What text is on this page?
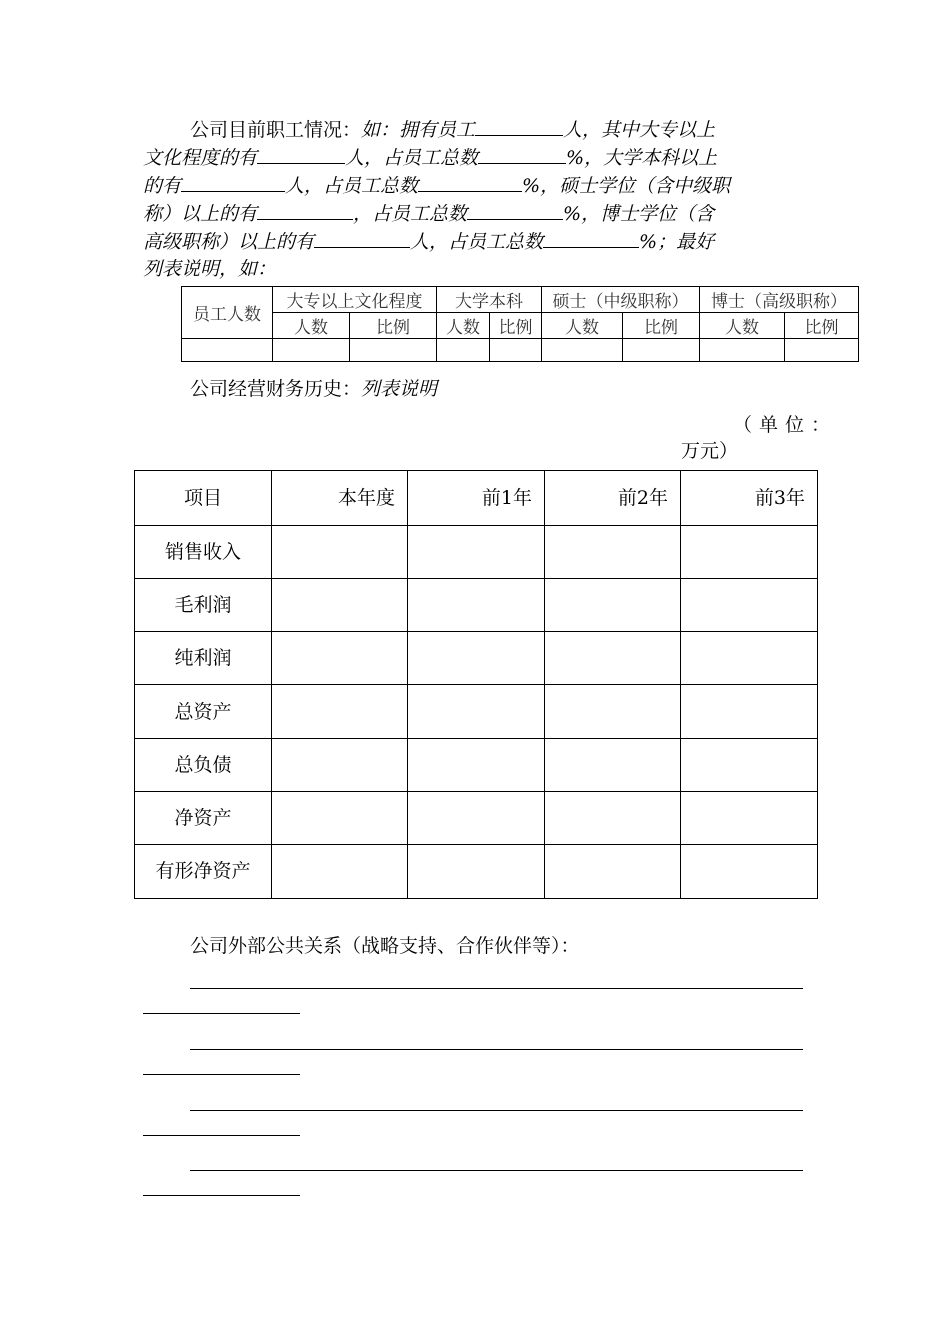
公司目前职工情况：如：拥有员工	人，其中大专以上
文化程度的有	人，占员工总数	%，大学本科以上
的有	人，占员工总数	%，硕士学位（含中级职
称）以上的有	，占员工总数	%，博士学位（含
高级职称）以上的有	人，占员工总数	%；最好
列表说明，如：
员工人数	大专以上文化程度		大学本科		硕士（中级职称）		博士（高级职称）	
	人数	比例	人数	比例	人数	比例	人数	比例

公司经营财务历史：列表说明
（单位：
万元）
项目	本年度	前1年	前2年	前3年
销售收入				
毛利润				
纯利润				
总资产				
总负债				
净资产				
有形净资产				
公司外部公共关系（战略支持、合作伙伴等）：
